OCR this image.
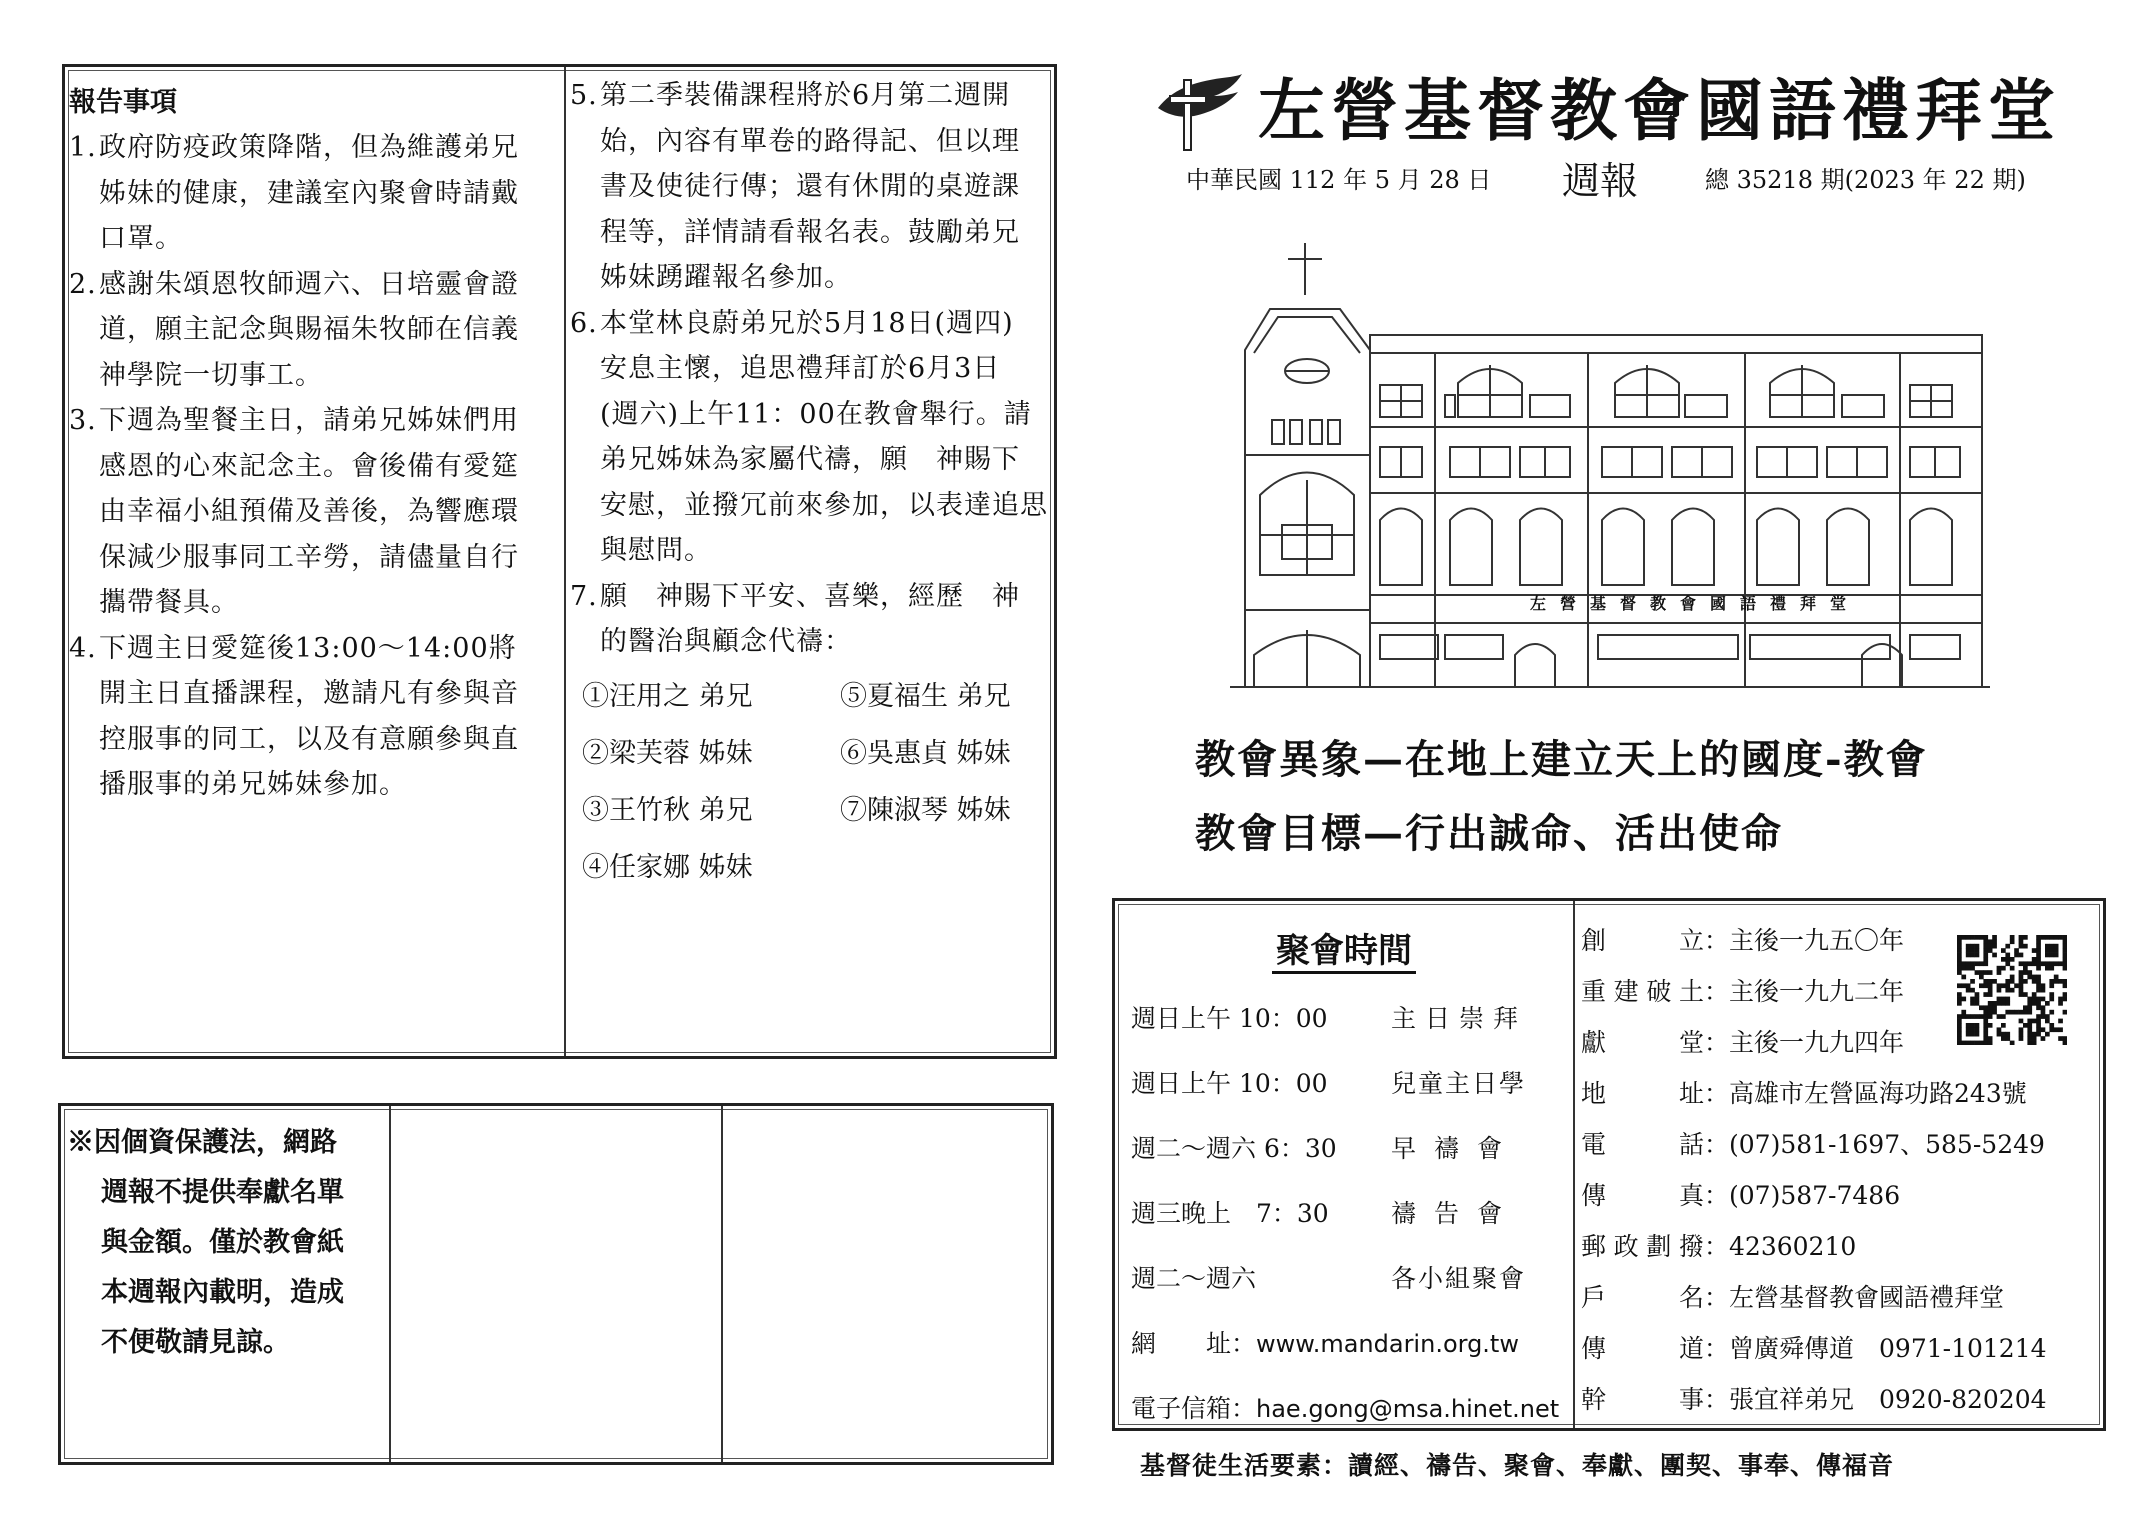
報告事項
1. 政府防疫政策降階，但為維護弟兄
姊妹的健康，建議室內聚會時請戴
口罩。
2. 感謝朱頌恩牧師週六、日培靈會證
道，願主記念與賜福朱牧師在信義
神學院一切事工。
3. 下週為聖餐主日，請弟兄姊妹們用
感恩的心來記念主。會後備有愛筵
由幸福小組預備及善後，為響應環
保減少服事同工辛勞，請儘量自行
攜帶餐具。
4. 下週主日愛筵後13:00～14:00將
開主日直播課程，邀請凡有參與音
控服事的同工，以及有意願參與直
播服事的弟兄姊妹參加。
5. 第二季裝備課程將於6月第二週開
始，內容有單卷的路得記、但以理
書及使徒行傳；還有休閒的桌遊課
程等，詳情請看報名表。鼓勵弟兄
姊妹踴躍報名參加。
6. 本堂林良蔚弟兄於5月18日(週四)
安息主懷，追思禮拜訂於6月3日
(週六)上午11：00在教會舉行。請
弟兄姊妹為家屬代禱，願　神賜下
安慰，並撥冗前來參加，以表達追思
與慰問。
7. 願　神賜下平安、喜樂，經歷　神
的醫治與顧念代禱：
①汪用之 弟兄	⑤夏福生 弟兄
②梁芙蓉 姊妹	⑥吳惠貞 姊妹
③王竹秋 弟兄	⑦陳淑琴 姊妹
④任家娜 姊妹
※因個資保護法，網路
週報不提供奉獻名單
與金額。僅於教會紙
本週報內載明，造成
不便敬請見諒。
左營基督教會國語禮拜堂
中華民國 112 年 5 月 28 日 週報	總 35218 期(2023 年 22 期)
左營基督教會國語禮拜堂
教會異象—在地上建立天上的國度-教會
教會目標—行出誠命、活出使命
聚會時間
週日上午 10：00	主日崇拜
週日上午 10：00	兒童主日學
週二～週六 6：30 早禱會
週三晚上　7：30 禱告會
週二～週六	各小組聚會
網　　址：www.mandarin.org.tw
電子信箱：hae.gong@msa.hinet.net
創　　立：主後一九五〇年
重建破土：主後一九九二年
獻　　堂：主後一九九四年
地　　址：高雄市左營區海功路243號
電　　話：(07)581-1697、585-5249
傳　　真：(07)587-7486
郵政劃撥：42360210
戶　　名：左營基督教會國語禮拜堂
傳　　道：曾廣舜傳道　0971-101214
幹　　事：張宜祥弟兄　0920-820204
基督徒生活要素：讀經、禱告、聚會、奉獻、團契、事奉、傳福音
